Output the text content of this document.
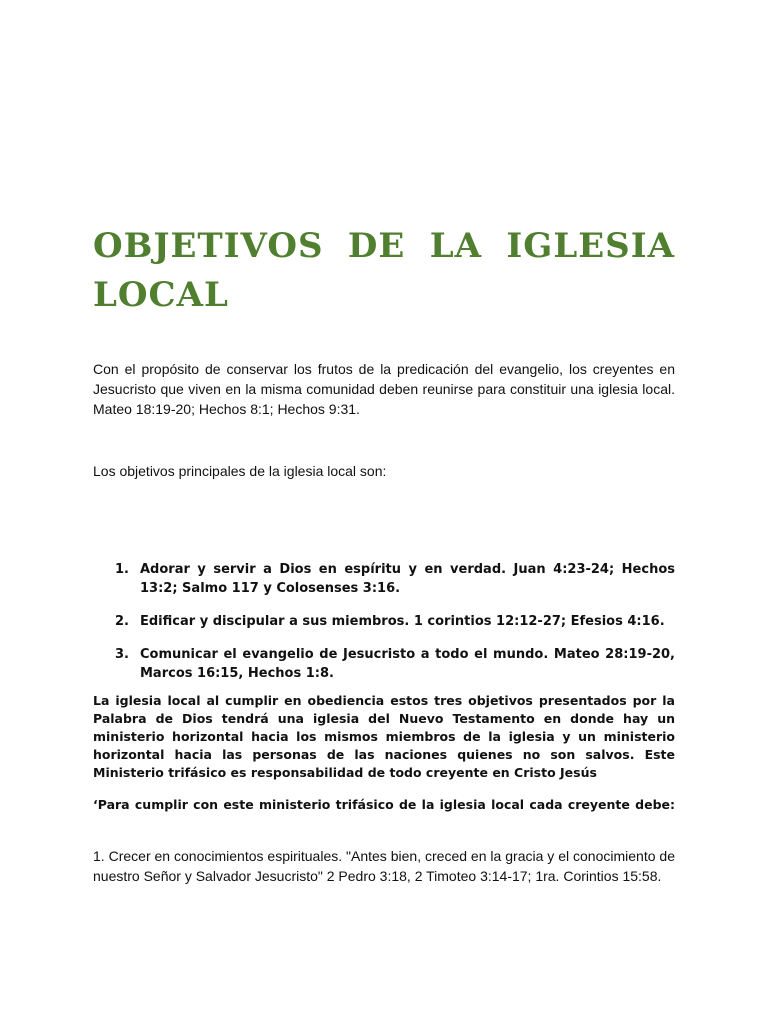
OBJETIVOS DE LA IGLESIA
LOCAL

Con el propósito de conservar los frutos de la predicación del evangelio, los creyentes en Jesucristo que viven en la misma comunidad deben reunirse para constituir una iglesia local. Mateo 18:19-20; Hechos 8:1; Hechos 9:31.

Los objetivos principales de la iglesia local son:

1. Adorar y servir a Dios en espíritu y en verdad. Juan 4:23-24; Hechos 13:2; Salmo 117 y Colosenses 3:16.
2. Edificar y discipular a sus miembros. 1 corintios 12:12-27; Efesios 4:16.
3. Comunicar el evangelio de Jesucristo a todo el mundo. Mateo 28:19-20, Marcos 16:15, Hechos 1:8.

La iglesia local al cumplir en obediencia estos tres objetivos presentados por la Palabra de Dios tendrá una iglesia del Nuevo Testamento en donde hay un ministerio horizontal hacia los mismos miembros de la iglesia y un ministerio horizontal hacia las personas de las naciones quienes no son salvos. Este Ministerio trifásico es responsabilidad de todo creyente en Cristo Jesús

‘Para cumplir con este ministerio trifásico de la iglesia local cada creyente debe:

1. Crecer en conocimientos espirituales. "Antes bien, creced en la gracia y el conocimiento de nuestro Señor y Salvador Jesucristo" 2 Pedro 3:18, 2 Timoteo 3:14-17; 1ra. Corintios 15:58.
